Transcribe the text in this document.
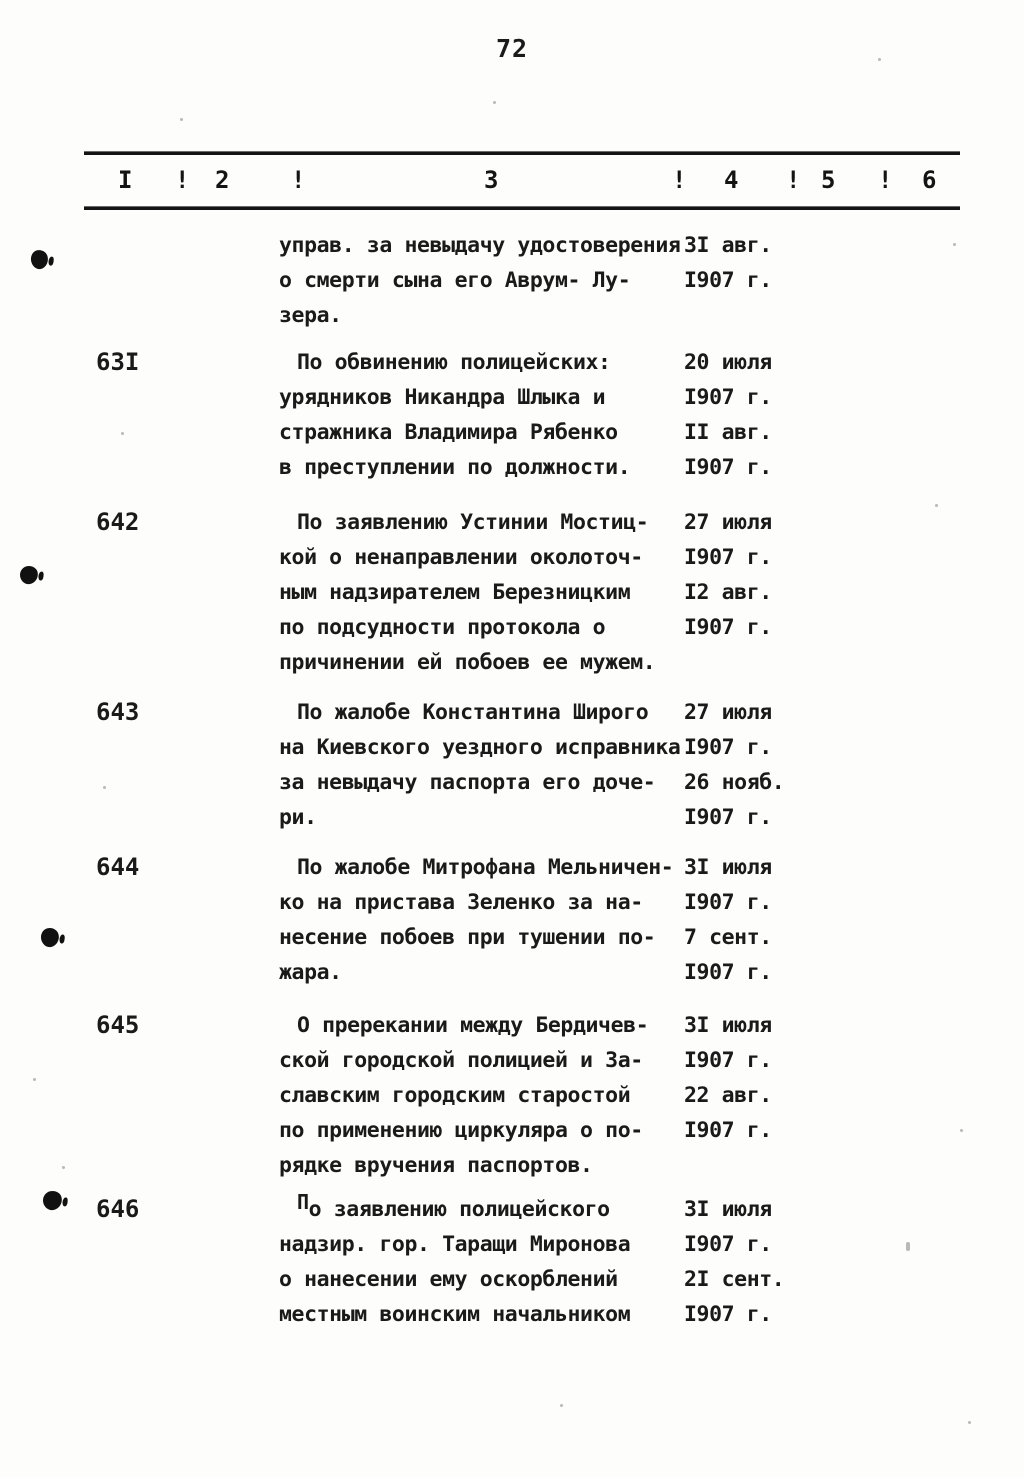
72
I ! 2	!	3	! 4 ! 5 ! 6
управ. за невыдачу удостоверения 3I авг.
о смерти сына его Аврум- Лу-	I907 г.
зера.
63I	По обвинению полицейских:	20 июля
урядников Никандра Шлыка и	I907 г.
стражника Владимира Рябенко	II авг.
в преступлении по должности.	I907 г.
642	По заявлению Устинии Мостиц- 27 июля
кой о ненаправлении околоточ- I907 г.
ным надзирателем Березницким	I2 авг.
по подсудности протокола о	I907 г.
причинении ей побоев ее мужем.
643	По жалобе Константина Широго 27 июля
на Киевского уездного исправника I907 г.
за невыдачу паспорта его доче- 26 нояб.
ри.	I907 г.
644	По жалобе Митрофана Мельничен- 3I июля
ко на пристава Зеленко за на- I907 г.
несение побоев при тушении по- 7 сент.
жара.	I907 г.
645	О пререкании между Бердичев- 3I июля
ской городской полицией и За- I907 г.
славским городским старостой	22 авг.
по применению циркуляра о по- I907 г.
рядке вручения паспортов.
646	По заявлению полицейского	3I июля
надзир. гор. Таращи Миронова	I907 г.
о нанесении ему оскорблений	2I сент.
местным воинским начальником	I907 г.
